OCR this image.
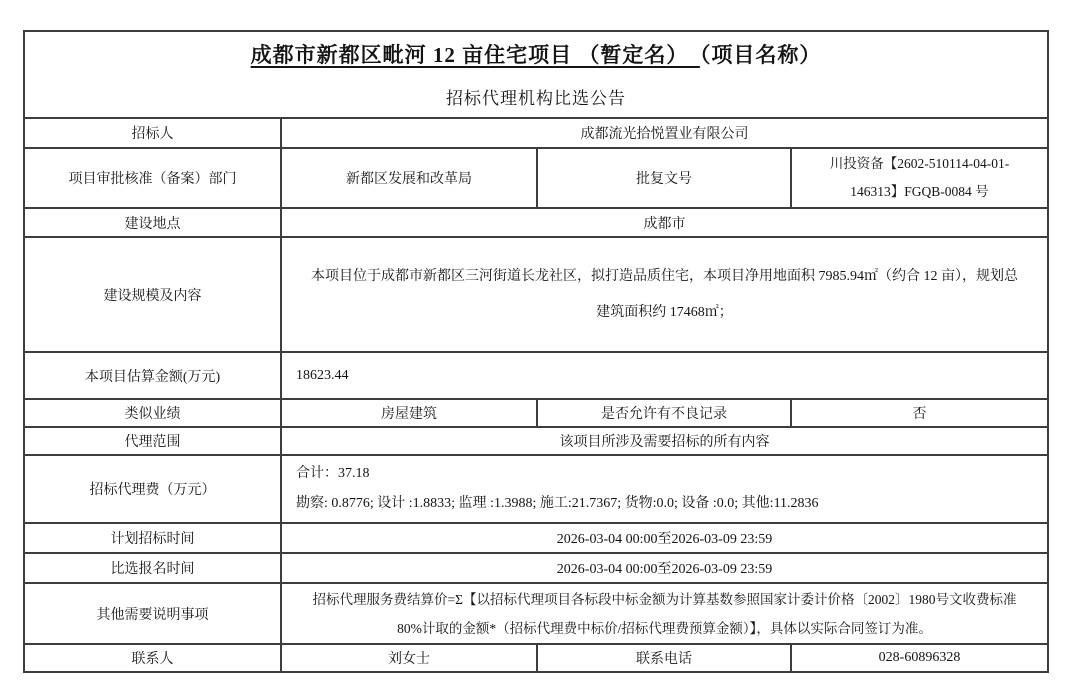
成都市新都区毗河 12 亩住宅项目 （暂定名）　（项目名称）
招标代理机构比选公告			

招标人	成都流光拾悦置业有限公司		
项目审批核准（备案）部门	新都区发展和改革局	批复文号	川投资备【2602-510114-04-01-
146313】FGQB-0084 号

建设地点	成都市		
建设规模及内容	本项目位于成都市新都区三河街道长龙社区，拟打造品质住宅，本项目净用地面积 7985.94㎡（约合 12 亩），规划总
建筑面积约 17468㎡；		

本项目估算金额(万元)	18623.44		
类似业绩	房屋建筑	是否允许有不良记录	否
代理范围	该项目所涉及需要招标的所有内容		
招标代理费（万元）	合计：37.18
勘察: 0.8776; 设计 :1.8833; 监理 :1.3988; 施工:21.7367; 货物:0.0; 设备 :0.0; 其他:11.2836		

计划招标时间	2026-03-04 00:00至2026-03-09 23:59		
比选报名时间	2026-03-04 00:00至2026-03-09 23:59		
其他需要说明事项	招标代理服务费结算价=Σ【以招标代理项目各标段中标金额为计算基数参照国家计委计价格〔2002〕1980号文收费标准
80%计取的金额*（招标代理费中标价/招标代理费预算金额）】，具体以实际合同签订为准。		

联系人	刘女士	联系电话	028-60896328
